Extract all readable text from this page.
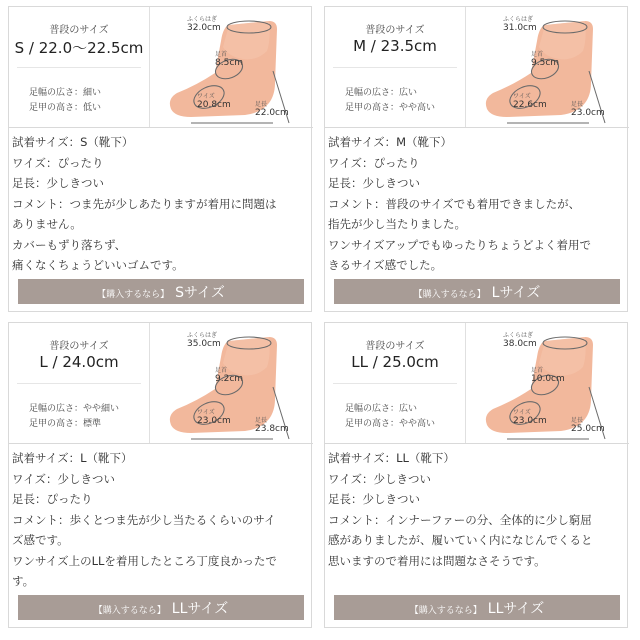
普段のサイズ
S / 22.0～22.5cm
足幅の広さ：細い
足甲の高さ：低い
ふくらはぎ
32.0cm
足首
8.5cm
ワイズ
20.8cm	足長
22.0cm
試着サイズ：S（靴下）
ワイズ：ぴったり
足長：少しきつい
コメント：つま先が少しあたりますが着用に問題は
ありません。
カバーもずり落ちず、
痛くなくちょうどいいゴムです。
【購入するなら】 Sサイズ
普段のサイズ
M / 23.5cm
足幅の広さ：広い
足甲の高さ：やや高い
ふくらはぎ
31.0cm
足首
9.5cm
ワイズ
22.6cm	足長
23.0cm
試着サイズ：M（靴下）
ワイズ：ぴったり
足長：少しきつい
コメント：普段のサイズでも着用できましたが、
指先が少し当たりました。
ワンサイズアップでもゆったりちょうどよく着用で
きるサイズ感でした。
【購入するなら】 Lサイズ
普段のサイズ
L / 24.0cm
足幅の広さ：やや細い
足甲の高さ：標準
ふくらはぎ
35.0cm
足首
9.2cm
ワイズ
23.0cm	足長
23.8cm
試着サイズ：L（靴下）
ワイズ：少しきつい
足長：ぴったり
コメント：歩くとつま先が少し当たるくらいのサイ
ズ感です。
ワンサイズ上のLLを着用したところ丁度良かったで
す。
【購入するなら】 LLサイズ
普段のサイズ
LL / 25.0cm
足幅の広さ：広い
足甲の高さ：やや高い
ふくらはぎ
38.0cm
足首
10.0cm
ワイズ
23.0cm	足長
25.0cm
試着サイズ：LL（靴下）
ワイズ：少しきつい
足長：少しきつい
コメント：インナーファーの分、全体的に少し窮屈
感がありましたが、履いていく内になじんでくると
思いますので着用には問題なさそうです。
【購入するなら】 LLサイズ
